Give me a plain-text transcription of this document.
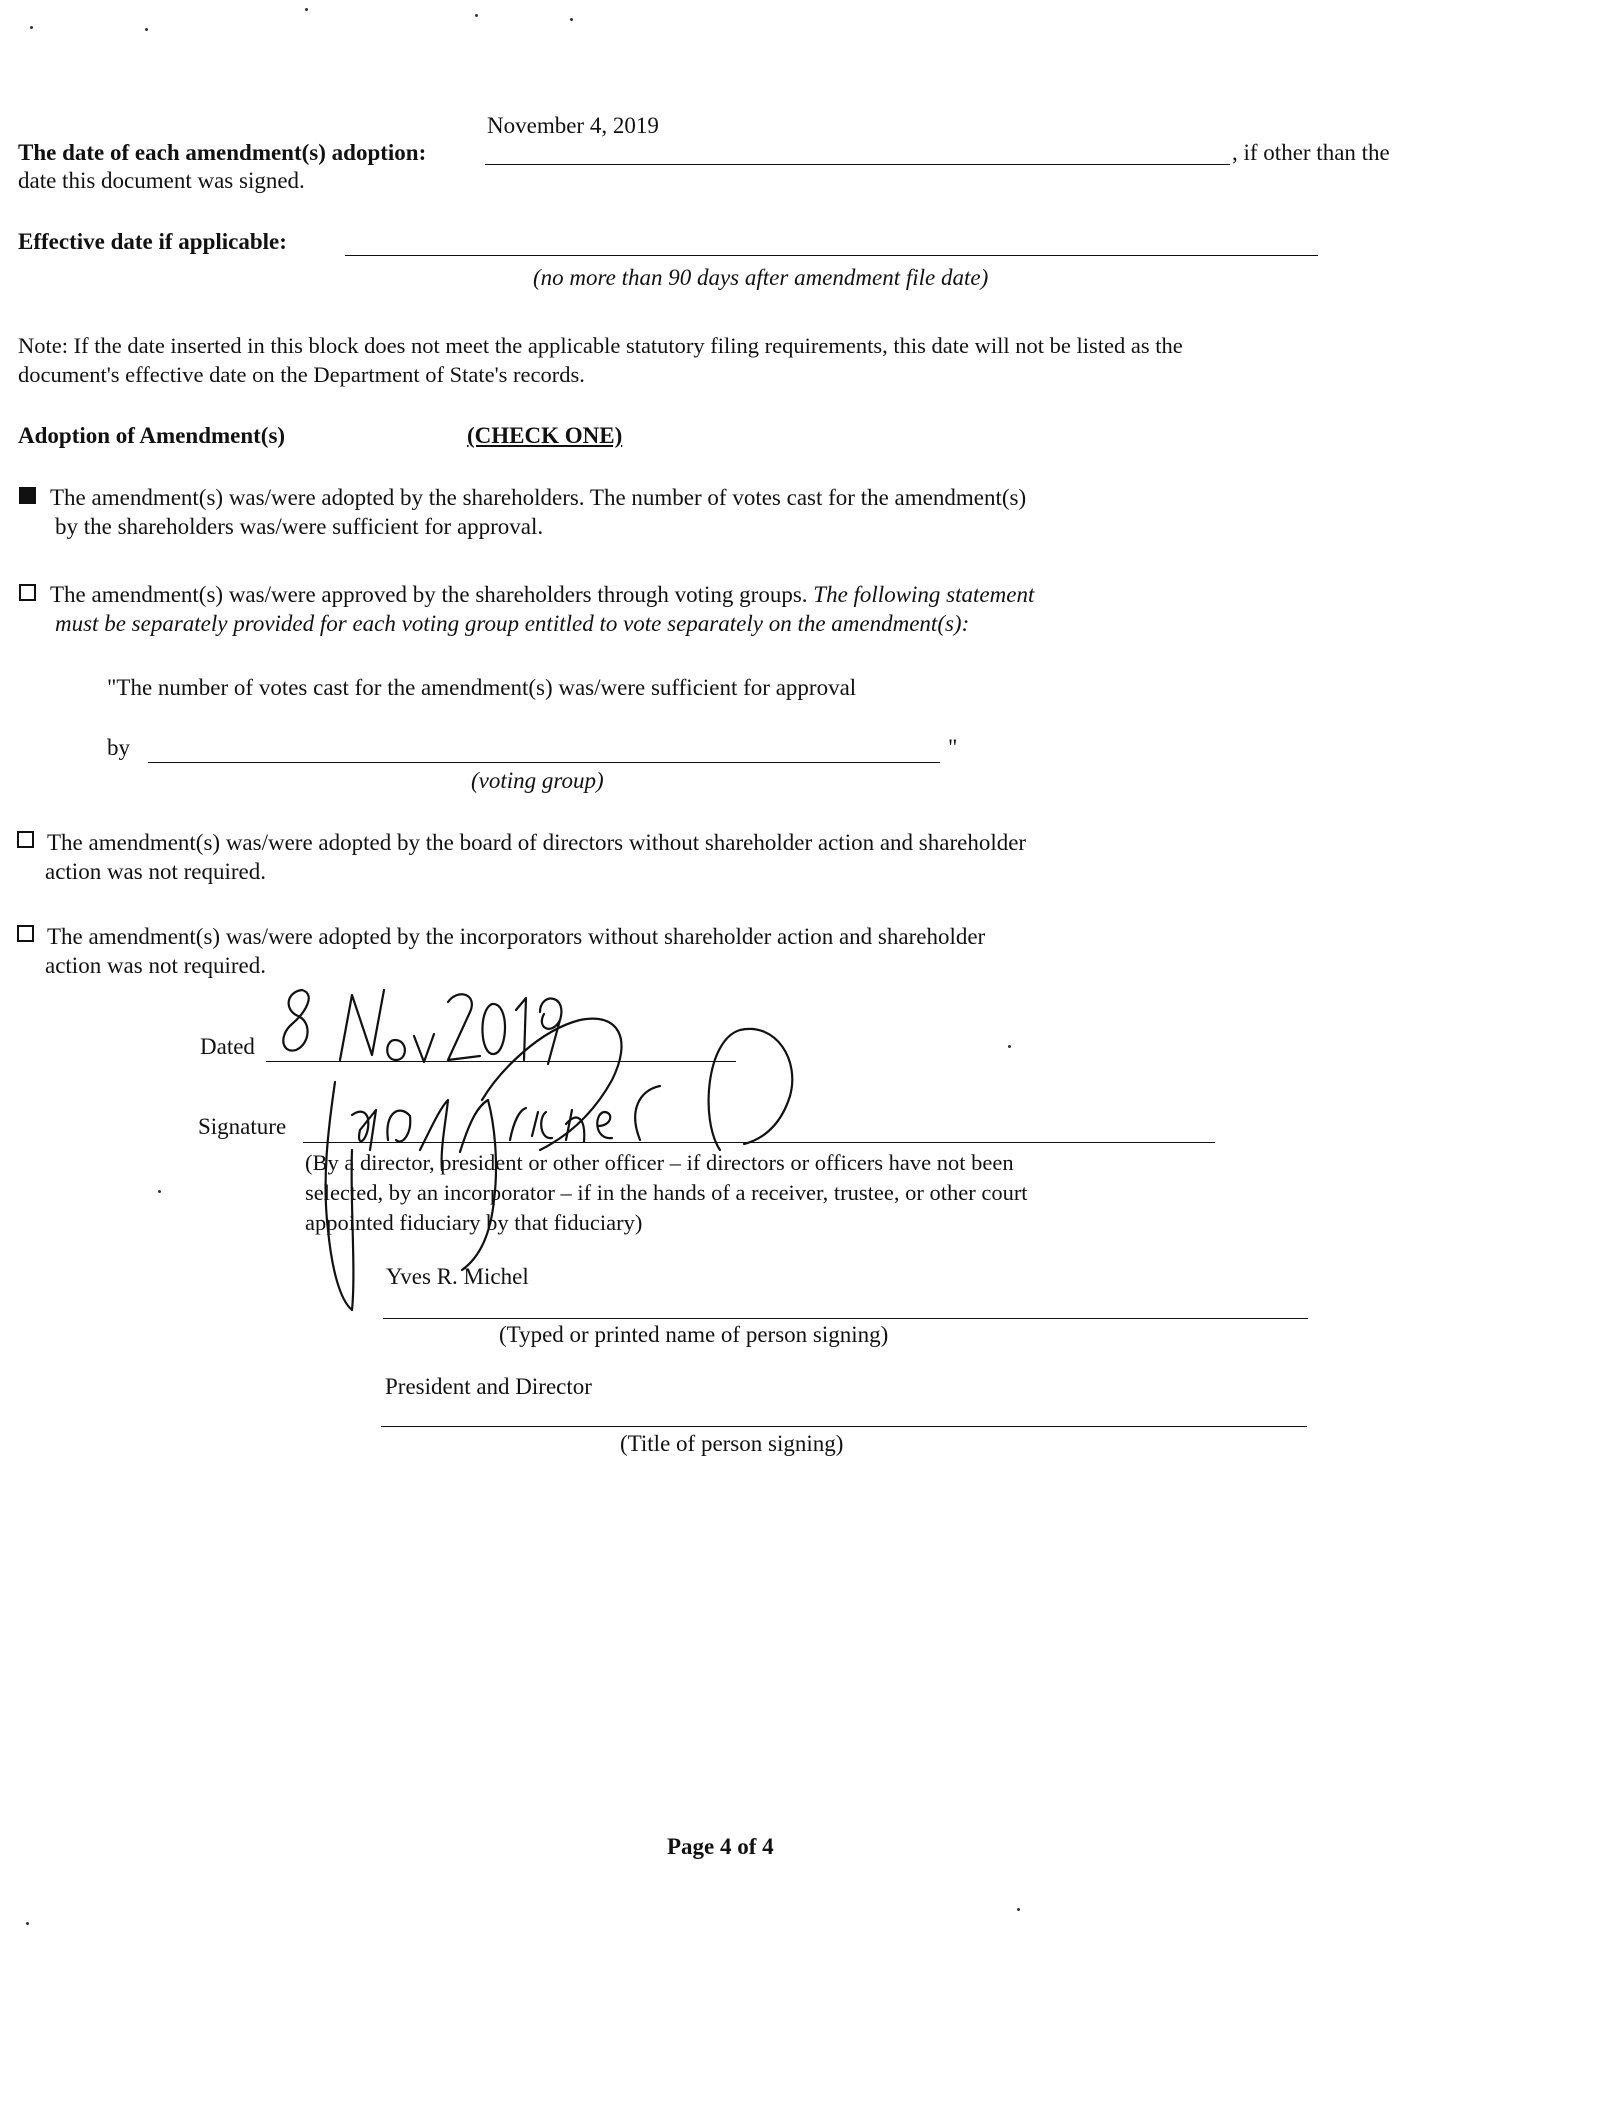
November 4, 2019
The date of each amendment(s) adoption:	, if other than the
date this document was signed.
Effective date if applicable:
(no more than 90 days after amendment file date)
Note: If the date inserted in this block does not meet the applicable statutory filing requirements, this date will not be listed as the
document's effective date on the Department of State's records.
Adoption of Amendment(s)	(CHECK ONE)
The amendment(s) was/were adopted by the shareholders. The number of votes cast for the amendment(s)
by the shareholders was/were sufficient for approval.
The amendment(s) was/were approved by the shareholders through voting groups. The following statement
must be separately provided for each voting group entitled to vote separately on the amendment(s):
"The number of votes cast for the amendment(s) was/were sufficient for approval
by	"
(voting group)
The amendment(s) was/were adopted by the board of directors without shareholder action and shareholder
action was not required.
The amendment(s) was/were adopted by the incorporators without shareholder action and shareholder
action was not required.
Dated
Signature
(By a director, president or other officer – if directors or officers have not been
selected, by an incorporator – if in the hands of a receiver, trustee, or other court
appointed fiduciary by that fiduciary)
Yves R. Michel
(Typed or printed name of person signing)
President and Director
(Title of person signing)
Page 4 of 4
